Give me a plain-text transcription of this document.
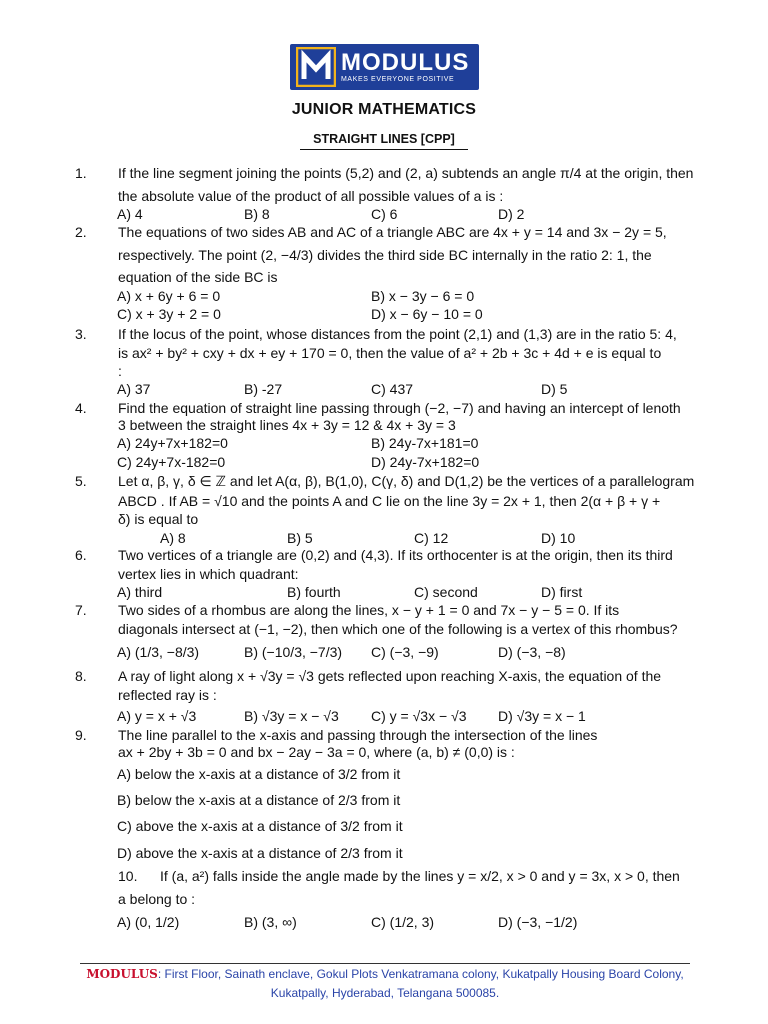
MODULUS
MAKES EVERYONE POSITIVE
JUNIOR MATHEMATICS
STRAIGHT LINES [CPP]
1. If the line segment joining the points (5,2) and (2, a) subtends an angle π/4 at the origin, then
the absolute value of the product of all possible values of a is :
A) 4	B) 8	C) 6	D) 2
2. The equations of two sides AB and AC of a triangle ABC are 4x + y = 14 and 3x − 2y = 5,
respectively. The point (2, −4/3) divides the third side BC internally in the ratio 2: 1, the
equation of the side BC is
A) x + 6y + 6 = 0	B) x − 3y − 6 = 0
C) x + 3y + 2 = 0	D) x − 6y − 10 = 0
3. If the locus of the point, whose distances from the point (2,1) and (1,3) are in the ratio 5: 4,
is ax² + by² + cxy + dx + ey + 170 = 0, then the value of a² + 2b + 3c + 4d + e is equal to
:
A) 37	B) -27	C) 437	D) 5
4. Find the equation of straight line passing through (−2, −7) and having an intercept of lenoth
3 between the straight lines 4x + 3y = 12 & 4x + 3y = 3
A) 24y+7x+182=0	B) 24y-7x+181=0
C) 24y+7x-182=0	D) 24y-7x+182=0
5. Let α, β, γ, δ ∈ ℤ and let A(α, β), B(1,0), C(γ, δ) and D(1,2) be the vertices of a parallelogram
ABCD . If AB = √10 and the points A and C lie on the line 3y = 2x + 1, then 2(α + β + γ +
δ) is equal to
A) 8	B) 5	C) 12	D) 10
6. Two vertices of a triangle are (0,2) and (4,3). If its orthocenter is at the origin, then its third
vertex lies in which quadrant:
A) third	B) fourth	C) second	D) first
7. Two sides of a rhombus are along the lines, x − y + 1 = 0 and 7x − y − 5 = 0. If its
diagonals intersect at (−1, −2), then which one of the following is a vertex of this rhombus?
A) (1/3, −8/3)	B) (−10/3, −7/3) C) (−3, −9)	D) (−3, −8)
8. A ray of light along x + √3y = √3 gets reflected upon reaching X-axis, the equation of the
reflected ray is :
A) y = x + √3	B) √3y = x − √3 C) y = √3x − √3 D) √3y = x − 1
9. The line parallel to the x-axis and passing through the intersection of the lines
ax + 2by + 3b = 0 and bx − 2ay − 3a = 0, where (a, b) ≠ (0,0) is :
A) below the x-axis at a distance of 3/2 from it
B) below the x-axis at a distance of 2/3 from it
C) above the x-axis at a distance of 3/2 from it
D) above the x-axis at a distance of 2/3 from it
10. If (a, a²) falls inside the angle made by the lines y = x/2, x > 0 and y = 3x, x > 0, then
a belong to :
A) (0, 1/2)	B) (3, ∞)	C) (1/2, 3)	D) (−3, −1/2)
MODULUS: First Floor, Sainath enclave, Gokul Plots Venkatramana colony, Kukatpally Housing Board Colony,
Kukatpally, Hyderabad, Telangana 500085.
